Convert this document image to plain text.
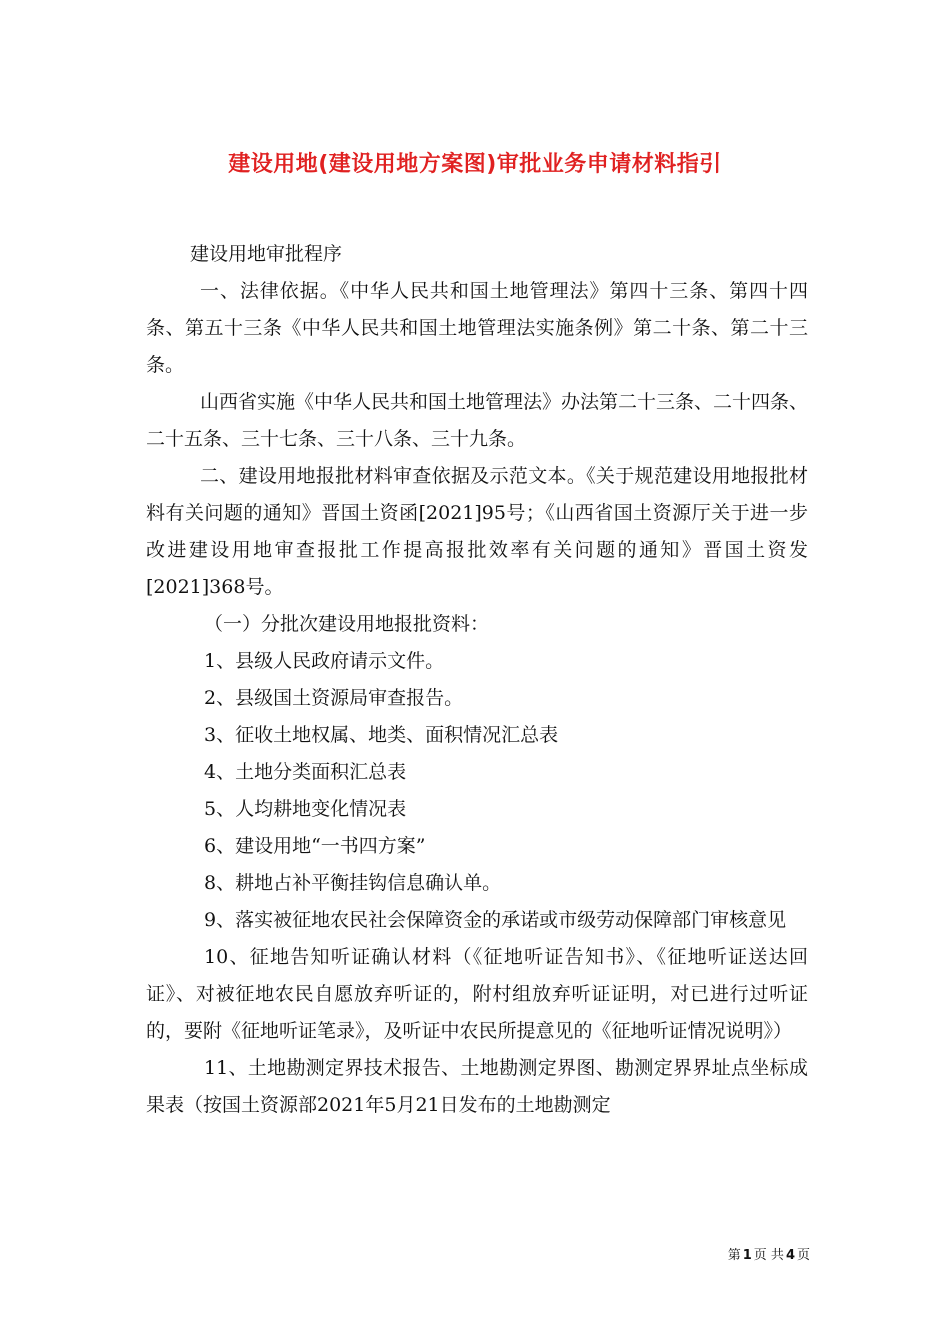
建设用地(建设用地方案图)审批业务申请材料指引

建设用地审批程序

一、法律依据。《中华人民共和国土地管理法》第四十三条、第四十四条、第五十三条《中华人民共和国土地管理法实施条例》第二十条、第二十三条。

山西省实施《中华人民共和国土地管理法》办法第二十三条、二十四条、二十五条、三十七条、三十八条、三十九条。

二、建设用地报批材料审查依据及示范文本。《关于规范建设用地报批材料有关问题的通知》晋国土资函[2021]95号；《山西省国土资源厅关于进一步改进建设用地审查报批工作提高报批效率有关问题的通知》晋国土资发[2021]368号。

（一）分批次建设用地报批资料：

1、县级人民政府请示文件。

2、县级国土资源局审查报告。

3、征收土地权属、地类、面积情况汇总表

4、土地分类面积汇总表

5、人均耕地变化情况表

6、建设用地“一书四方案”

8、耕地占补平衡挂钩信息确认单。

9、落实被征地农民社会保障资金的承诺或市级劳动保障部门审核意见

10、征地告知听证确认材料（《征地听证告知书》、《征地听证送达回证》、对被征地农民自愿放弃听证的，附村组放弃听证证明，对已进行过听证的，要附《征地听证笔录》，及听证中农民所提意见的《征地听证情况说明》）

11、土地勘测定界技术报告、土地勘测定界图、勘测定界界址点坐标成果表（按国土资源部2021年5月21日发布的土地勘测定

第 1 页 共 4 页
